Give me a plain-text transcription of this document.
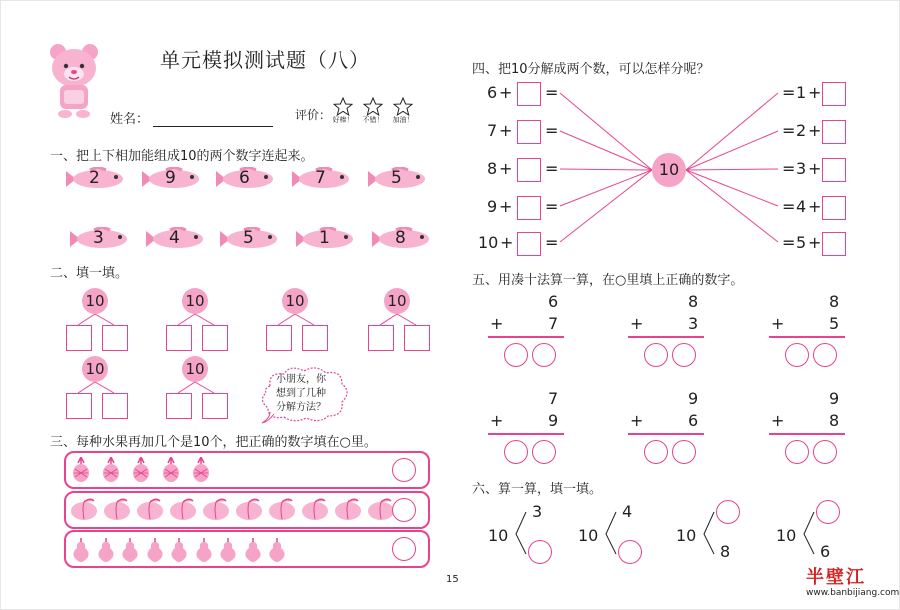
单元模拟测试题（八）
姓名：	评价： 好棒！	不错！	加油！
一、把上下相加能组成10的两个数字连起来。
2	9	6	7	5
3	4	5	1	8
二、填一填。
10	10	10	10
10	10
小朋友，你
想到了几种
分解方法？
三、每种水果再加几个是10个，把正确的数字填在○里。
四、把10分解成两个数，可以怎样分呢？
10
6 + =
7 + =
8 + =
9 + =
10 + =
= 1 +
= 2 +
= 3 +
= 4 +
= 5 +
五、用凑十法算一算，在○里填上正确的数字。
6
+	7
8
+	3
8
+	5
7
+	9
9
+	6
9
+	8
六、算一算，填一填。
10
3
10
4
10
8
10
6
15	半壁江
www.banbijiang.com
